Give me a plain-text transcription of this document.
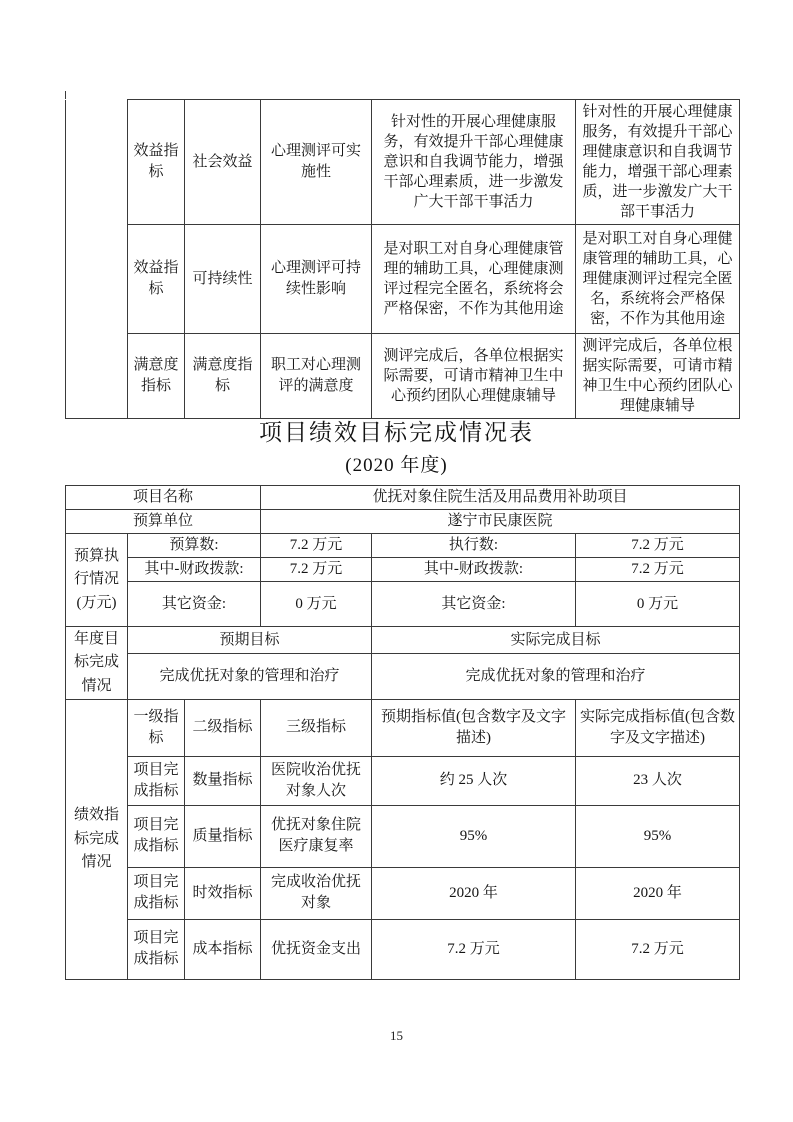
	效益指标	社会效益	心理测评可实施性	针对性的开展心理健康服务，有效提升干部心理健康意识和自我调节能力，增强干部心理素质，进一步激发广大干部干事活力	针对性的开展心理健康服务，有效提升干部心理健康意识和自我调节能力，增强干部心理素质，进一步激发广大干部干事活力
	效益指标	可持续性	心理测评可持续性影响	是对职工对自身心理健康管理的辅助工具，心理健康测评过程完全匿名，系统将会严格保密，不作为其他用途	是对职工对自身心理健康管理的辅助工具，心理健康测评过程完全匿名，系统将会严格保密，不作为其他用途
	满意度指标	满意度指标	职工对心理测评的满意度	测评完成后，各单位根据实际需要，可请市精神卫生中心预约团队心理健康辅导	测评完成后，各单位根据实际需要，可请市精神卫生中心预约团队心理健康辅导
项目绩效目标完成情况表
(2020 年度)
项目名称			优抚对象住院生活及用品费用补助项目		
预算单位			遂宁市民康医院		
预算执行情况(万元)	预算数:		7.2 万元	执行数:	7.2 万元
	其中-财政拨款:		7.2 万元	其中-财政拨款:	7.2 万元
	其它资金:		0 万元	其它资金:	0 万元
年度目标完成情况	预期目标			实际完成目标	
	完成优抚对象的管理和治疗			完成优抚对象的管理和治疗	
绩效指标完成情况	一级指标	二级指标	三级指标	预期指标值(包含数字及文字描述)	实际完成指标值(包含数字及文字描述)
	项目完成指标	数量指标	医院收治优抚对象人次	约 25 人次	23 人次
	项目完成指标	质量指标	优抚对象住院医疗康复率	95%	95%
	项目完成指标	时效指标	完成收治优抚对象	2020 年	2020 年
	项目完成指标	成本指标	优抚资金支出	7.2 万元	7.2 万元
15
